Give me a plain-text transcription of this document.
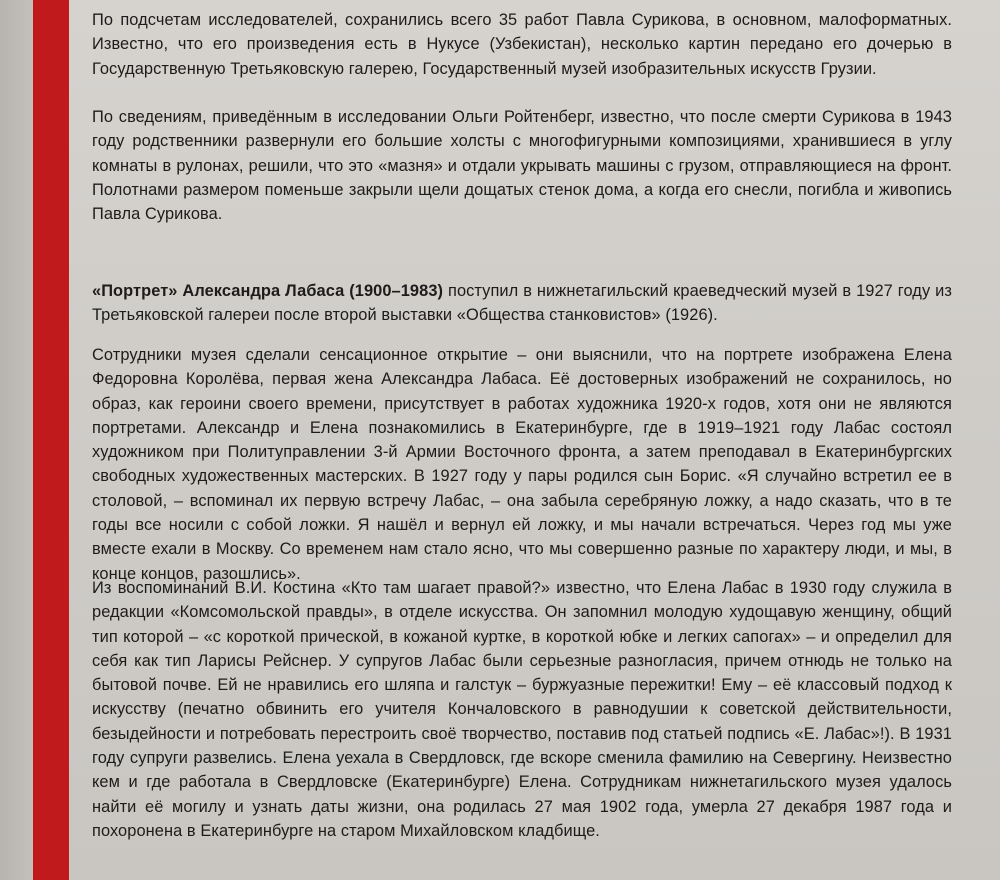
По подсчетам исследователей, сохранились всего 35 работ Павла Сурикова, в основном, малоформатных. Известно, что его произведения есть в Нукусе (Узбекистан), несколько картин передано его дочерью в Государственную Третьяковскую галерею, Государственный музей изобразительных искусств Грузии.

По сведениям, приведённым в исследовании Ольги Ройтенберг, известно, что после смерти Сурикова в 1943 году родственники развернули его большие холсты с многофигурными композициями, хранившиеся в углу комнаты в рулонах, решили, что это «мазня» и отдали укрывать машины с грузом, отправляющиеся на фронт. Полотнами размером поменьше закрыли щели дощатых стенок дома, а когда его снесли, погибла и живопись Павла Сурикова.

«Портрет» Александра Лабаса (1900–1983) поступил в нижнетагильский краеведческий музей в 1927 году из Третьяковской галереи после второй выставки «Общества станковистов» (1926).

Сотрудники музея сделали сенсационное открытие – они выяснили, что на портрете изображена Елена Федоровна Королёва, первая жена Александра Лабаса. Её достоверных изображений не сохранилось, но образ, как героини своего времени, присутствует в работах художника 1920-х годов, хотя они не являются портретами. Александр и Елена познакомились в Екатеринбурге, где в 1919–1921 году Лабас состоял художником при Политуправлении 3-й Армии Восточного фронта, а затем преподавал в Екатеринбургских свободных художественных мастерских. В 1927 году у пары родился сын Борис. «Я случайно встретил ее в столовой, – вспоминал их первую встречу Лабас, – она забыла серебряную ложку, а надо сказать, что в те годы все носили с собой ложки. Я нашёл и вернул ей ложку, и мы начали встречаться. Через год мы уже вместе ехали в Москву. Со временем нам стало ясно, что мы совершенно разные по характеру люди, и мы, в конце концов, разошлись».

Из воспоминаний В.И. Костина «Кто там шагает правой?» известно, что Елена Лабас в 1930 году служила в редакции «Комсомольской правды», в отделе искусства. Он запомнил молодую худощавую женщину, общий тип которой – «с короткой прической, в кожаной куртке, в короткой юбке и легких сапогах» – и определил для себя как тип Ларисы Рейснер. У супругов Лабас были серьезные разногласия, причем отнюдь не только на бытовой почве. Ей не нравились его шляпа и галстук – буржуазные пережитки! Ему – её классовый подход к искусству (печатно обвинить его учителя Кончаловского в равнодушии к советской действительности, безыдейности и потребовать перестроить своё творчество, поставив под статьей подпись «Е. Лабас»!). В 1931 году супруги развелись. Елена уехала в Свердловск, где вскоре сменила фамилию на Севергину. Неизвестно кем и где работала в Свердловске (Екатеринбурге) Елена. Сотрудникам нижнетагильского музея удалось найти её могилу и узнать даты жизни, она родилась 27 мая 1902 года, умерла 27 декабря 1987 года и похоронена в Екатеринбурге на старом Михайловском кладбище.
